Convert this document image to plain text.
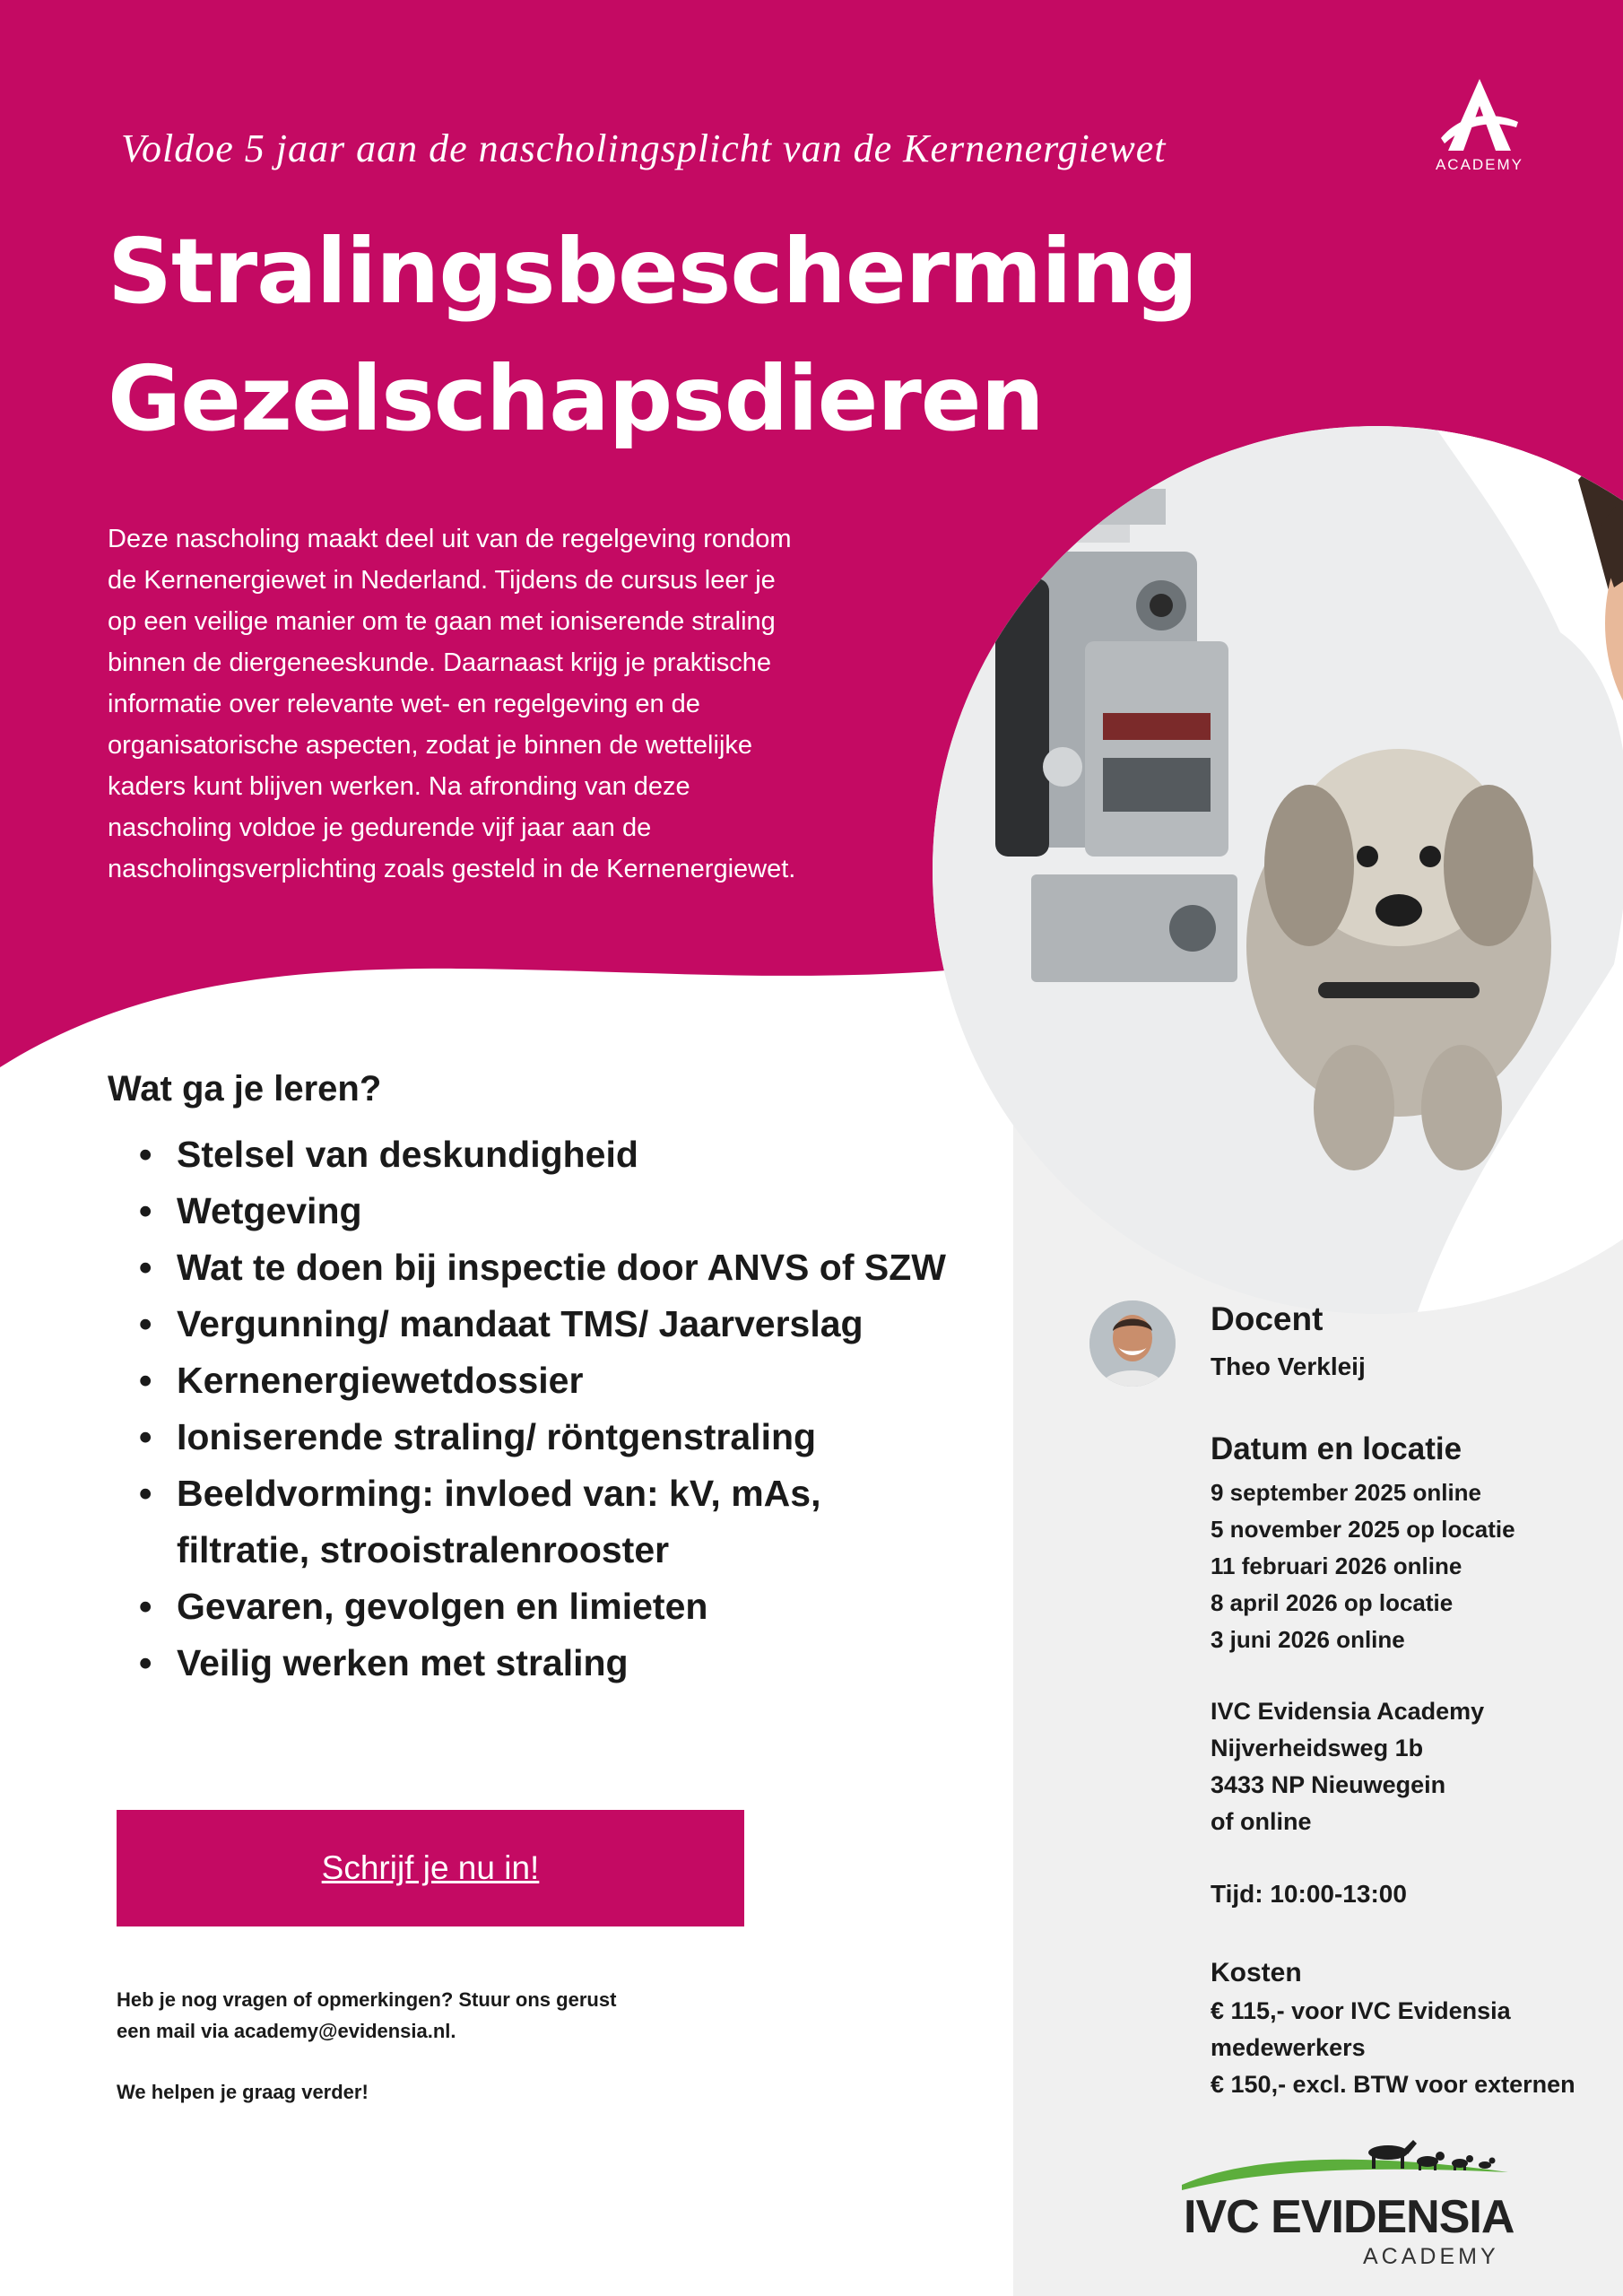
ACADEMY
Voldoe 5 jaar aan de nascholingsplicht van de Kernenergiewet
Stralingsbescherming
Gezelschapsdieren
Deze nascholing maakt deel uit van de regelgeving rondom
de Kernenergiewet in Nederland. Tijdens de cursus leer je
op een veilige manier om te gaan met ioniserende straling
binnen de diergeneeskunde. Daarnaast krijg je praktische
informatie over relevante wet- en regelgeving en de
organisatorische aspecten, zodat je binnen de wettelijke
kaders kunt blijven werken. Na afronding van deze
nascholing voldoe je gedurende vijf jaar aan de
nascholingsverplichting zoals gesteld in de Kernenergiewet.
Wat ga je leren?
• Stelsel van deskundigheid
• Wetgeving
• Wat te doen bij inspectie door ANVS of SZW
• Vergunning/ mandaat TMS/ Jaarverslag
• Kernenergiewetdossier
• Ioniserende straling/ röntgenstraling
• Beeldvorming: invloed van: kV, mAs, filtratie, strooistralenrooster
• Gevaren, gevolgen en limieten
• Veilig werken met straling
Schrijf je nu in!
Heb je nog vragen of opmerkingen? Stuur ons gerust
een mail via academy@evidensia.nl.
We helpen je graag verder!
Docent
Theo Verkleij
Datum en locatie
9 september 2025 online
5 november 2025 op locatie
11 februari 2026 online
8 april 2026 op locatie
3 juni 2026 online
IVC Evidensia Academy
Nijverheidsweg 1b
3433 NP Nieuwegein
of online
Tijd: 10:00-13:00
Kosten
€ 115,- voor IVC Evidensia medewerkers
€ 150,- excl. BTW voor externen
IVC EVIDENSIA
ACADEMY
